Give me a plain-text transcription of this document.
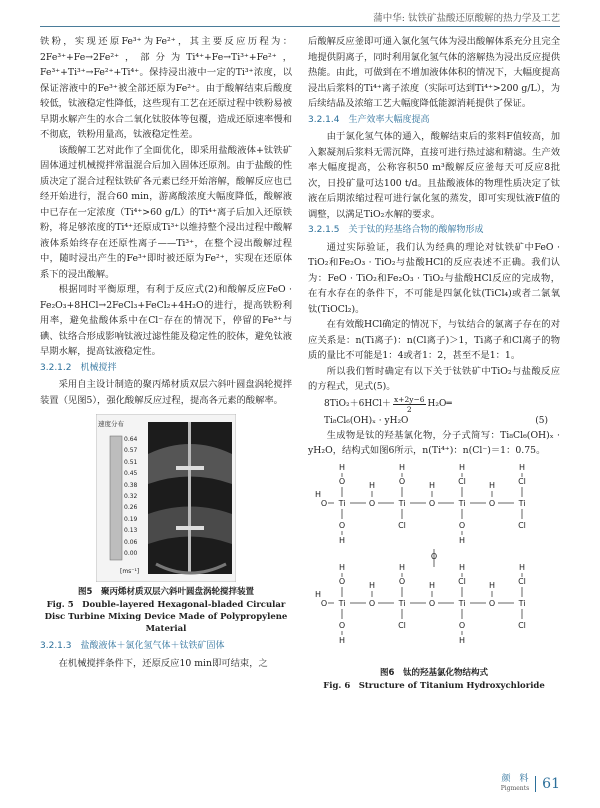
蒲中华: 钛铁矿盐酸还原酸解的热力学及工艺

铁粉，实现还原Fe³⁺为Fe²⁺，其主要反应历程为：2Fe³⁺+Fe→2Fe²⁺，部分为Ti⁴⁺+Fe→Ti³⁺+Fe²⁺，Fe³⁺+Ti³⁺→Fe²⁺+Ti⁴⁺。保持浸出液中一定的Ti³⁺浓度，以保证溶液中的Fe³⁺被全部还原为Fe²⁺。由于酸解结束后酸度较低，钛液稳定性降低，这些现有工艺在还原过程中铁粉易被早期水解产生的水合二氧化钛胶体等包覆，造成还原速率慢和不彻底，铁粉用量高，钛液稳定性差。

该酸解工艺对此作了全面优化，即采用盐酸液体+钛铁矿固体通过机械搅拌常温混合后加入固体还原剂。由于盐酸的性质决定了混合过程钛铁矿各元素已经开始溶解，酸解反应也已经开始进行，混合60 min，游离酸浓度大幅度降低，酸解液中已存在一定浓度（Ti⁴⁺>60 g/L）的Ti⁴⁺离子后加入还原铁粉，将足够浓度的Ti⁴⁺还原成Ti³⁺以维持整个浸出过程中酸解液体系始终存在还原性离子——Ti³⁺，在整个浸出酸解过程中，随时浸出产生的Fe³⁺即时被还原为Fe²⁺，实现在还原体系下的浸出酸解。

根据同时平衡原理，有利于反应式(2)和酸解反应FeO · Fe₂O₃+8HCl→2FeCl₃+FeCl₂+4H₂O的进行，提高铁粉利用率，避免盐酸体系中在Cl⁻存在的情况下，停留的Fe³⁺与碘、钛络合形成影响钛液过滤性能及稳定性的胶体，避免钛液早期水解，提高钛液稳定性。

3.2.1.2　机械搅拌

采用自主设计制造的聚丙烯材质双层六斜叶圆盘涡轮搅拌装置（见图5），强化酸解反应过程，提高各元素的酸解率。

速度分布
0.64
0.57
0.51
0.45
0.38
0.32
0.26
0.19
0.13
0.06
0.00
[ms⁻¹]
图5　聚丙烯材质双层六斜叶圆盘涡轮搅拌装置
Fig. 5　Double-layered Hexagonal-bladed Circular Disc Turbine Mixing Device Made of Polypropylene Material
3.2.1.3　盐酸液体＋氯化氢气体＋钛铁矿固体

在机械搅拌条件下，还原反应10 min即可结束，之

后酸解反应釜即可通入氯化氢气体为浸出酸解体系充分且完全地提供阴离子，同时利用氯化氢气体的溶解热为浸出反应提供热能。由此，可做到在不增加液体体积的情况下，大幅度提高浸出后浆料的Ti⁴⁺离子浓度（实际可达到Ti⁴⁺>200 g/L），为后续结晶及浓缩工艺大幅度降低能源消耗提供了保证。

3.2.1.4　生产效率大幅度提高

由于氯化氢气体的通入，酸解结束后的浆料F值较高，加入絮凝剂后浆料无需沉降，直接可进行热过滤和精滤。生产效率大幅度提高，公称容积50 m³酸解反应釜每天可反应8批次，日投矿量可达100 t/d。且盐酸液体的物理性质决定了钛液在后期浓缩过程可进行氯化氢的蒸发，即可实现钛液F值的调整，以满足TiO₂水解的要求。

3.2.1.5　关于钛的羟基络合物的酸解物形成

通过实际验证，我们认为经典的理论对钛铁矿中FeO · TiO₂和Fe₂O₃ · TiO₂与盐酸HCl的反应表述不正确。我们认为：FeO · TiO₂和Fe₂O₃ · TiO₂与盐酸HCl反应的完成物，在有水存在的条件下，不可能是四氯化钛(TiCl₄)或者二氯氧钛(TiOCl₂)。

在有效酸HCl确定的情况下，与钛结合的氯离子存在的对应关系是：n(Ti离子)：n(Cl离子)＞1，Ti离子和Cl离子的物质的量比不可能是1：4或者1：2，甚至不是1：1。

所以我们暂时确定有以下关于钛铁矿中TiO₂与盐酸反应的方程式，见式(5)。

$8TiO_2+6HCl+ \frac{x+2y-6}{2}$ H₂O═
Ti₈Cl₆(OH)ₓ · yH₂O	(5)

生成物是钛的羟基氯化物，分子式简写：Ti₈Cl₆(OH)ₓ · yH₂O，结构式如图6所示，n(Ti⁴⁺)：n(Cl⁻)＝1：0.75。

Ti
O
H
O
H
O
H
O
H
Ti
O
H
Cl
O
H
Ti
Cl
H
O
H
O
H
Ti
Cl
H
Cl
Ti
O
H
O
H
O
H
O
H
Ti
O
H
Cl
O
H
Ti
Cl
H
O
H
O
H
Ti
Cl
H
Cl
O
图6　钛的羟基氯化物结构式
Fig. 6　Structure of Titanium Hydroxychloride
颜　料
Pigments 61
